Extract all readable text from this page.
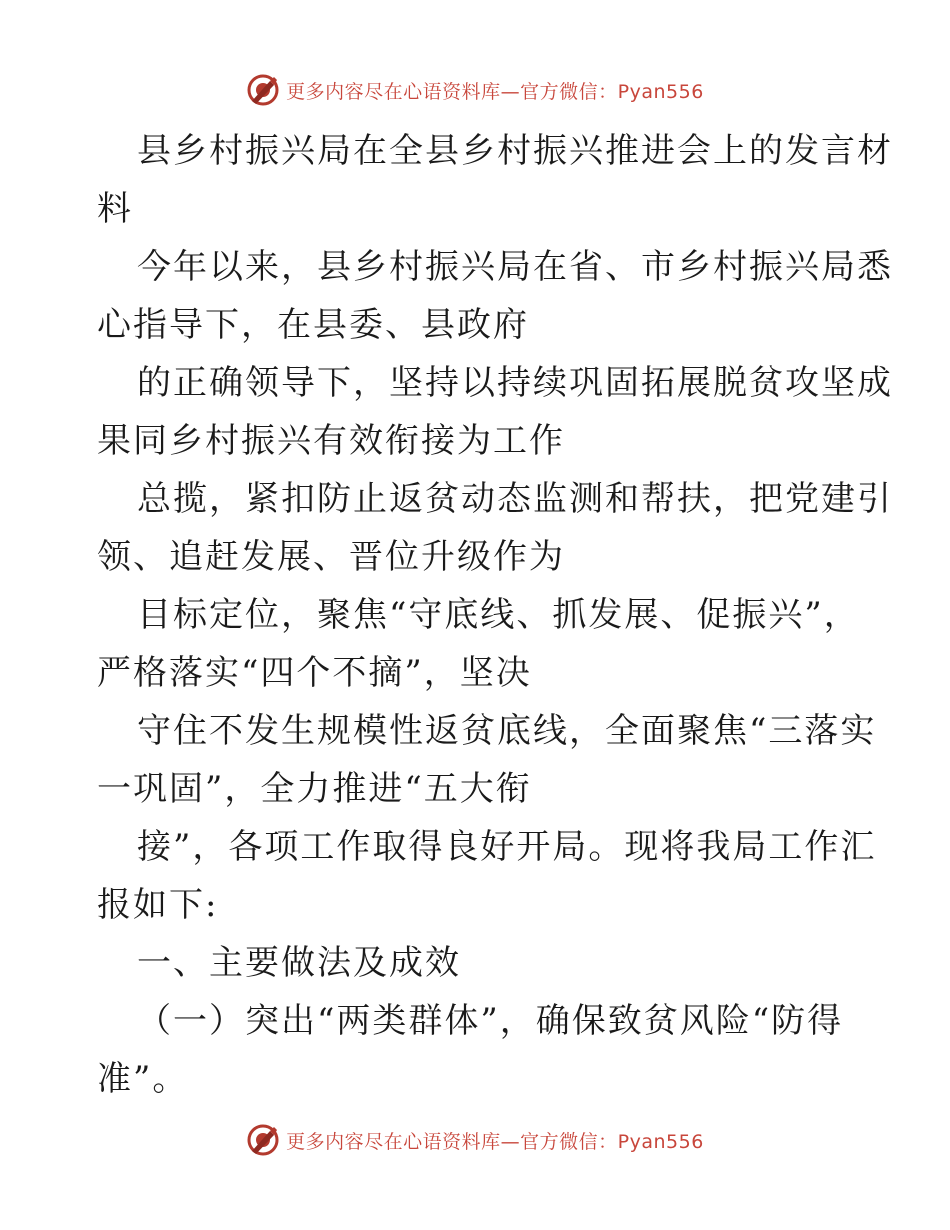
更多内容尽在心语资料库—官方微信：Pyan556
县乡村振兴局在全县乡村振兴推进会上的发言材
料
今年以来，县乡村振兴局在省、市乡村振兴局悉
心指导下，在县委、县政府
的正确领导下，坚持以持续巩固拓展脱贫攻坚成
果同乡村振兴有效衔接为工作
总揽，紧扣防止返贫动态监测和帮扶，把党建引
领、追赶发展、晋位升级作为
目标定位，聚焦“守底线、抓发展、促振兴”，
严格落实“四个不摘”，坚决
守住不发生规模性返贫底线，全面聚焦“三落实
一巩固”，全力推进“五大衔
接”，各项工作取得良好开局。现将我局工作汇
报如下:
一、主要做法及成效
（一）突出“两类群体”，确保致贫风险“防得
准”。
更多内容尽在心语资料库—官方微信：Pyan556
